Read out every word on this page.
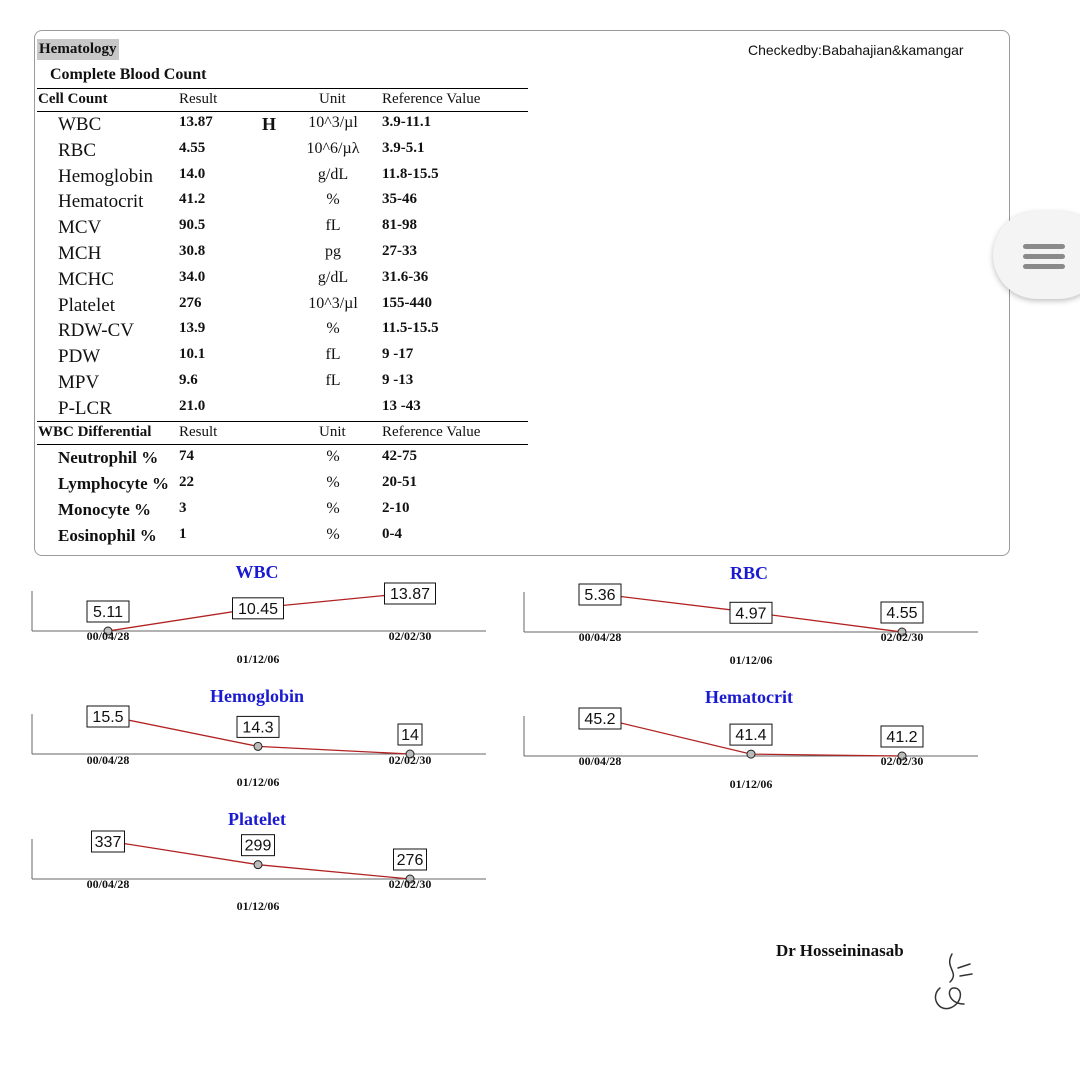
Hematology
Complete Blood Count
Checkedby:Babahajian&kamangar
Cell Count	Result	Unit Reference Value
WBC	13.87	H	10^3/µl	3.9-11.1
RBC	4.55	10^6/µλ	3.9-5.1
Hemoglobin 14.0	g/dL	11.8-15.5
Hematocrit 41.2	%	35-46
MCV	90.5	fL	81-98
MCH	30.8	pg	27-33
MCHC	34.0	g/dL	31.6-36
Platelet	276	10^3/µl	155-440
RDW-CV	13.9	%	11.5-15.5
PDW	10.1	fL	9 -17
MPV	9.6	fL	9 -13
P-LCR	21.0	13 -43
WBC Differential Result	Unit Reference Value
Neutrophil % 74	%	42-75
Lymphocyte % 22	%	20-51
Monocyte % 3	%	2-10
Eosinophil % 1	%	0-4
WBC
5.11
00/04/28
10.45
01/12/06
13.87
02/02/30
RBC
5.36
00/04/28
4.97
01/12/06
4.55
02/02/30
Hemoglobin
15.5
00/04/28
14.3
01/12/06
14
02/02/30
Hematocrit
45.2
00/04/28
41.4
01/12/06
41.2
02/02/30
Platelet
337
00/04/28
299
01/12/06
276
02/02/30
Dr Hosseininasab
